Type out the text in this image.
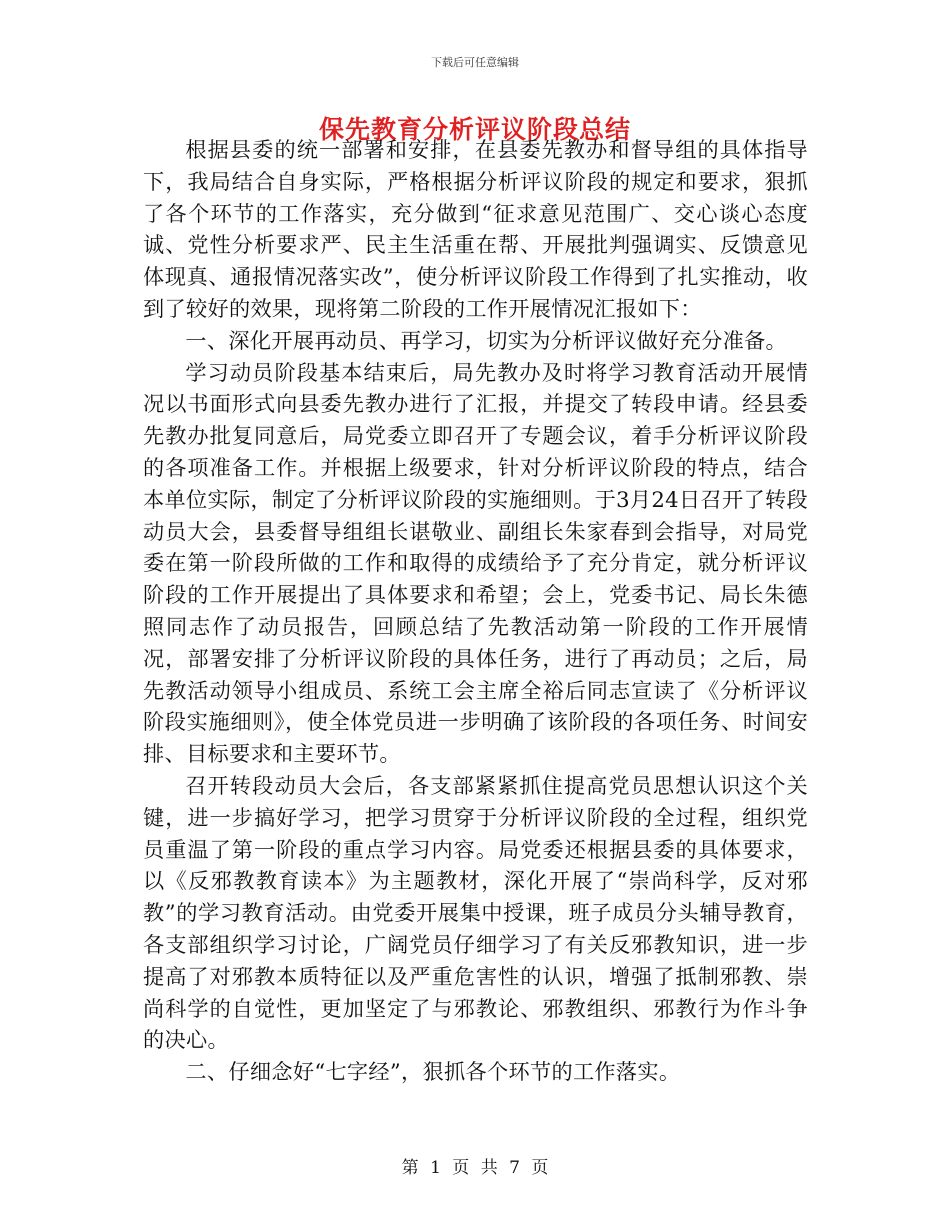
下载后可任意编辑
保先教育分析评议阶段总结

根据县委的统一部署和安排，在县委先教办和督导组的具体指导下，我局结合自身实际，严格根据分析评议阶段的规定和要求，狠抓了各个环节的工作落实，充分做到“征求意见范围广、交心谈心态度诚、党性分析要求严、民主生活重在帮、开展批判强调实、反馈意见体现真、通报情况落实改”，使分析评议阶段工作得到了扎实推动，收到了较好的效果，现将第二阶段的工作开展情况汇报如下：

一、深化开展再动员、再学习，切实为分析评议做好充分准备。

学习动员阶段基本结束后，局先教办及时将学习教育活动开展情况以书面形式向县委先教办进行了汇报，并提交了转段申请。经县委先教办批复同意后，局党委立即召开了专题会议，着手分析评议阶段的各项准备工作。并根据上级要求，针对分析评议阶段的特点，结合本单位实际，制定了分析评议阶段的实施细则。于3月24日召开了转段动员大会，县委督导组组长谌敬业、副组长朱家春到会指导，对局党委在第一阶段所做的工作和取得的成绩给予了充分肯定，就分析评议阶段的工作开展提出了具体要求和希望；会上，党委书记、局长朱德照同志作了动员报告，回顾总结了先教活动第一阶段的工作开展情况，部署安排了分析评议阶段的具体任务，进行了再动员；之后，局先教活动领导小组成员、系统工会主席全裕后同志宣读了《分析评议阶段实施细则》，使全体党员进一步明确了该阶段的各项任务、时间安排、目标要求和主要环节。

召开转段动员大会后，各支部紧紧抓住提高党员思想认识这个关键，进一步搞好学习，把学习贯穿于分析评议阶段的全过程，组织党员重温了第一阶段的重点学习内容。局党委还根据县委的具体要求，以《反邪教教育读本》为主题教材，深化开展了“崇尚科学，反对邪教”的学习教育活动。由党委开展集中授课，班子成员分头辅导教育，各支部组织学习讨论，广阔党员仔细学习了有关反邪教知识，进一步提高了对邪教本质特征以及严重危害性的认识，增强了抵制邪教、崇尚科学的自觉性，更加坚定了与邪教论、邪教组织、邪教行为作斗争的决心。

二、仔细念好“七字经”，狠抓各个环节的工作落实。

第 1 页 共 7 页
